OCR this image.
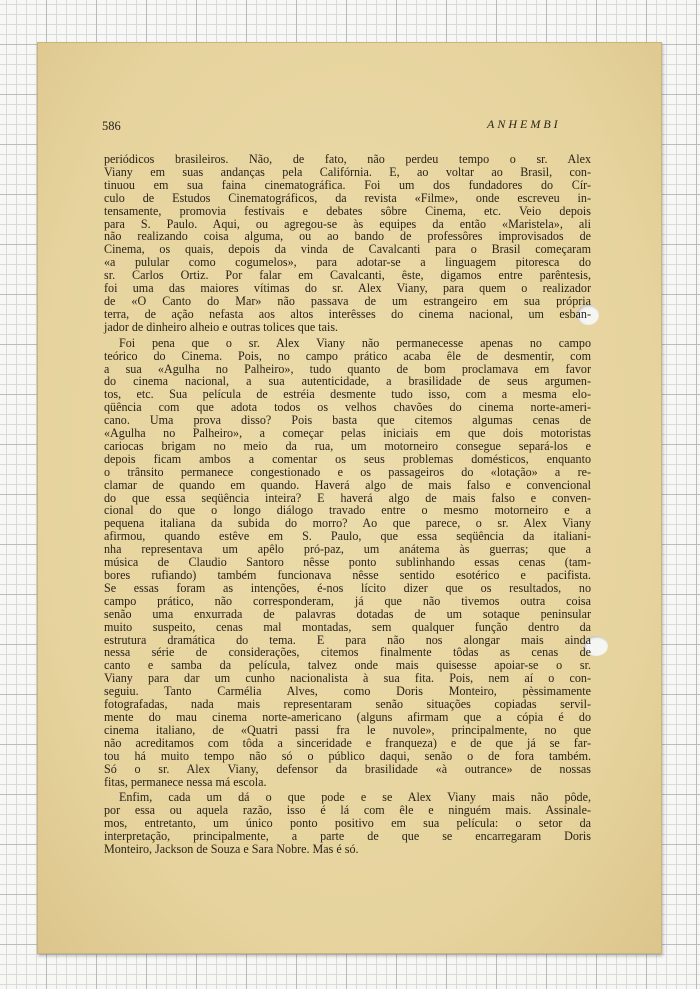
586	ANHEMBI

periódicos brasileiros. Não, de fato, não perdeu tempo o sr. Alex
Viany em suas andanças pela Califórnia. E, ao voltar ao Brasil, con-
tinuou em sua faina cinematográfica. Foi um dos fundadores do Cír-
culo de Estudos Cinematográficos, da revista «Filme», onde escreveu in-
tensamente, promovia festivais e debates sôbre Cinema, etc. Veio depois
para S. Paulo. Aqui, ou agregou-se às equipes da então «Maristela», ali
não realizando coisa alguma, ou ao bando de professôres improvisados de
Cinema, os quais, depois da vinda de Cavalcanti para o Brasil começaram
«a pulular como cogumelos», para adotar-se a linguagem pitoresca do
sr. Carlos Ortiz. Por falar em Cavalcanti, êste, digamos entre parêntesis,
foi uma das maiores vítimas do sr. Alex Viany, para quem o realizador
de «O Canto do Mar» não passava de um estrangeiro em sua própria
terra, de ação nefasta aos altos interêsses do cinema nacional, um esban-
jador de dinheiro alheio e outras tolices que tais.

Foi pena que o sr. Alex Viany não permanecesse apenas no campo
teórico do Cinema. Pois, no campo prático acaba êle de desmentir, com
a sua «Agulha no Palheiro», tudo quanto de bom proclamava em favor
do cinema nacional, a sua autenticidade, a brasilidade de seus argumen-
tos, etc. Sua película de estréia desmente tudo isso, com a mesma elo-
qüência com que adota todos os velhos chavões do cinema norte-ameri-
cano. Uma prova disso? Pois basta que citemos algumas cenas de
«Agulha no Palheiro», a começar pelas iniciais em que dois motoristas
cariocas brigam no meio da rua, um motorneiro consegue separá-los e
depois ficam ambos a comentar os seus problemas domésticos, enquanto
o trânsito permanece congestionado e os passageiros do «lotação» a re-
clamar de quando em quando. Haverá algo de mais falso e convencional
do que essa seqüência inteira? E haverá algo de mais falso e conven-
cional do que o longo diálogo travado entre o mesmo motorneiro e a
pequena italiana da subida do morro? Ao que parece, o sr. Alex Viany
afirmou, quando estêve em S. Paulo, que essa seqüência da italiani-
nha representava um apêlo pró-paz, um anátema às guerras; que a
música de Claudio Santoro nêsse ponto sublinhando essas cenas (tam-
bores rufiando) também funcionava nêsse sentido esotérico e pacifista.
Se essas foram as intenções, é-nos lícito dizer que os resultados, no
campo prático, não corresponderam, já que não tivemos outra coisa
senão uma enxurrada de palavras dotadas de um sotaque peninsular
muito suspeito, cenas mal montadas, sem qualquer função dentro da
estrutura dramática do tema. E para não nos alongar mais ainda
nessa série de considerações, citemos finalmente tôdas as cenas de
canto e samba da película, talvez onde mais quisesse apoiar-se o sr.
Viany para dar um cunho nacionalista à sua fita. Pois, nem aí o con-
seguiu. Tanto Carmélia Alves, como Doris Monteiro, pèssimamente
fotografadas, nada mais representaram senão situações copiadas servil-
mente do mau cinema norte-americano (alguns afirmam que a cópia é do
cinema italiano, de «Quatri passi fra le nuvole», principalmente, no que
não acreditamos com tôda a sinceridade e franqueza) e de que já se far-
tou há muito tempo não só o público daqui, senão o de fora também.
Só o sr. Alex Viany, defensor da brasilidade «à outrance» de nossas
fitas, permanece nessa má escola.

Enfim, cada um dá o que pode e se Alex Viany mais não pôde,
por essa ou aquela razão, isso é lá com êle e ninguém mais. Assinale-
mos, entretanto, um único ponto positivo em sua película: o setor da
interpretação, principalmente, a parte de que se encarregaram Doris
Monteiro, Jackson de Souza e Sara Nobre. Mas é só.
